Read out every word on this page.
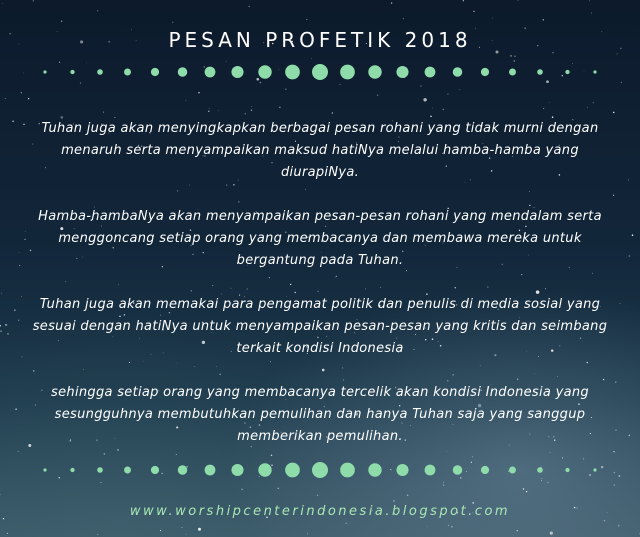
PESAN PROFETIK 2018

Tuhan juga akan menyingkapkan berbagai pesan rohani yang tidak murni dengan menaruh serta menyampaikan maksud hatiNya melalui hamba-hamba yang diurapiNya.

Hamba-hambaNya akan menyampaikan pesan-pesan rohani yang mendalam serta menggoncang setiap orang yang membacanya dan membawa mereka untuk bergantung pada Tuhan.

Tuhan juga akan memakai para pengamat politik dan penulis di media sosial yang sesuai dengan hatiNya untuk menyampaikan pesan-pesan yang kritis dan seimbang terkait kondisi Indonesia

sehingga setiap orang yang membacanya tercelik akan kondisi Indonesia yang sesungguhnya membutuhkan pemulihan dan hanya Tuhan saja yang sanggup memberikan pemulihan.

www.worshipcenterindonesia.blogspot.com
